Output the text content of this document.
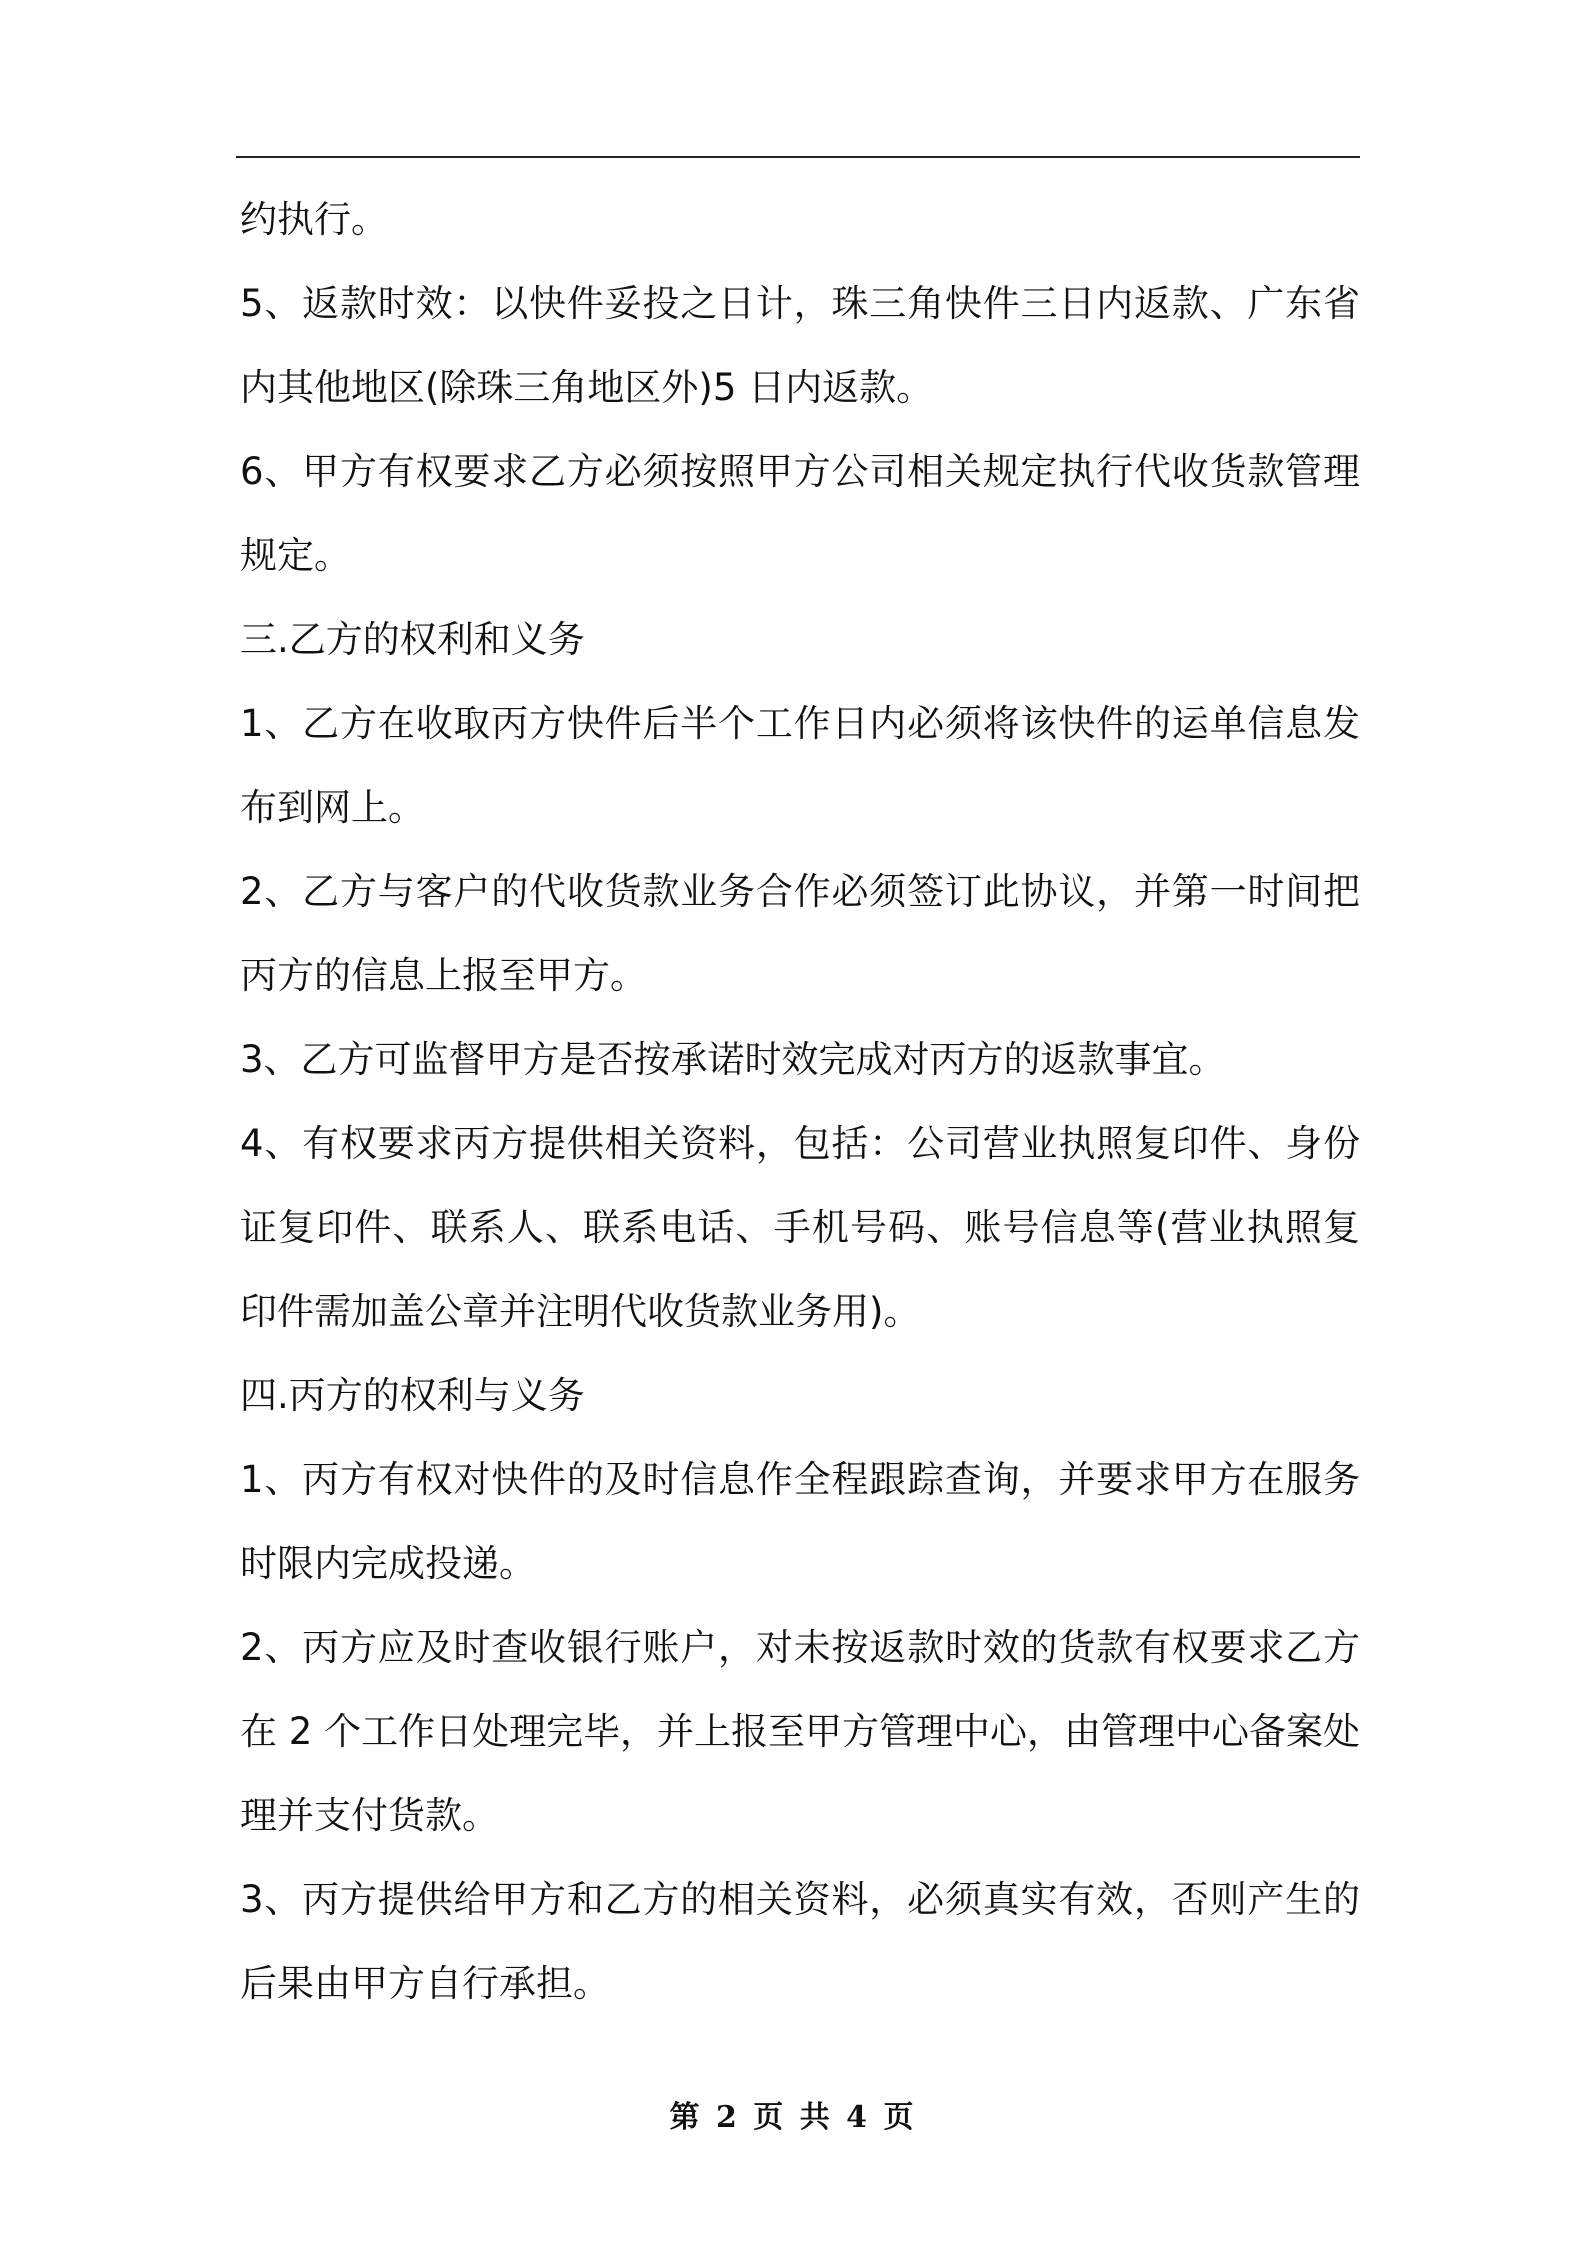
约执行。
5、返款时效：以快件妥投之日计，珠三角快件三日内返款、广东省
内其他地区(除珠三角地区外)5 日内返款。
6、甲方有权要求乙方必须按照甲方公司相关规定执行代收货款管理
规定。
三.乙方的权利和义务
1、乙方在收取丙方快件后半个工作日内必须将该快件的运单信息发
布到网上。
2、乙方与客户的代收货款业务合作必须签订此协议，并第一时间把
丙方的信息上报至甲方。
3、乙方可监督甲方是否按承诺时效完成对丙方的返款事宜。
4、有权要求丙方提供相关资料，包括：公司营业执照复印件、身份
证复印件、联系人、联系电话、手机号码、账号信息等(营业执照复
印件需加盖公章并注明代收货款业务用)。
四.丙方的权利与义务
1、丙方有权对快件的及时信息作全程跟踪查询，并要求甲方在服务
时限内完成投递。
2、丙方应及时查收银行账户，对未按返款时效的货款有权要求乙方
在 2 个工作日处理完毕，并上报至甲方管理中心，由管理中心备案处
理并支付货款。
3、丙方提供给甲方和乙方的相关资料，必须真实有效，否则产生的
后果由甲方自行承担。
第 2 页 共 4 页
